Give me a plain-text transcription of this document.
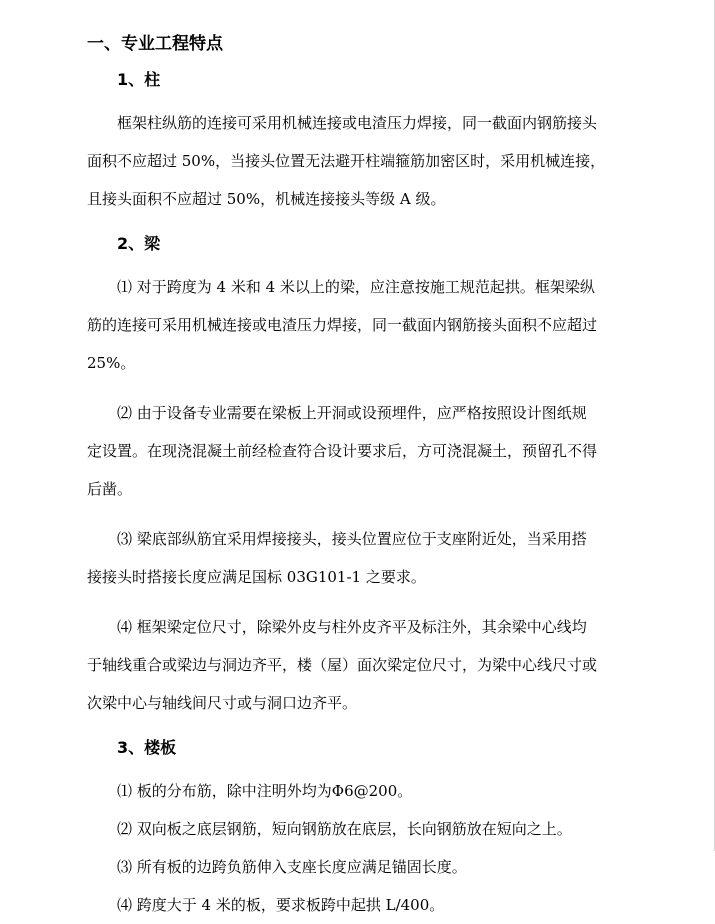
一、专业工程特点
1、柱
框架柱纵筋的连接可采用机械连接或电渣压力焊接，同一截面内钢筋接头
面积不应超过 50%，当接头位置无法避开柱端箍筋加密区时，采用机械连接，
且接头面积不应超过 50%，机械连接接头等级 A 级。
2、梁
⑴ 对于跨度为 4 米和 4 米以上的梁，应注意按施工规范起拱。框架梁纵
筋的连接可采用机械连接或电渣压力焊接，同一截面内钢筋接头面积不应超过
25%。
⑵ 由于设备专业需要在梁板上开洞或设预埋件，应严格按照设计图纸规
定设置。在现浇混凝土前经检查符合设计要求后，方可浇混凝土，预留孔不得
后凿。
⑶ 梁底部纵筋宜采用焊接接头，接头位置应位于支座附近处，当采用搭
接接头时搭接长度应满足国标 03G101-1 之要求。
⑷ 框架梁定位尺寸，除梁外皮与柱外皮齐平及标注外，其余梁中心线均
于轴线重合或梁边与洞边齐平，楼（屋）面次梁定位尺寸，为梁中心线尺寸或
次梁中心与轴线间尺寸或与洞口边齐平。
3、楼板
⑴ 板的分布筋，除中注明外均为Φ6@200。
⑵ 双向板之底层钢筋，短向钢筋放在底层，长向钢筋放在短向之上。
⑶ 所有板的边跨负筋伸入支座长度应满足锚固长度。
⑷ 跨度大于 4 米的板，要求板跨中起拱 L/400。
